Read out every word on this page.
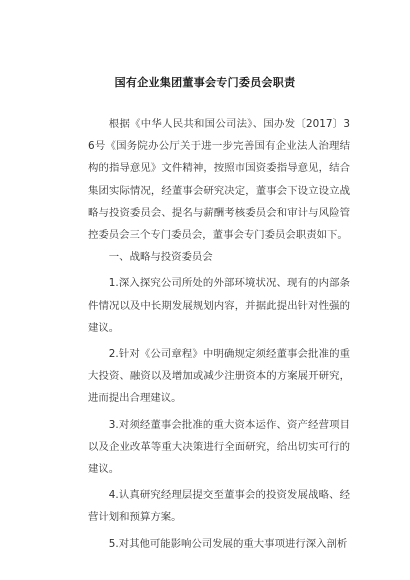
国有企业集团董事会专门委员会职责

根据《中华人民共和国公司法》、国办发〔2017〕36号《国务院办公厅关于进一步完善国有企业法人治理结构的指导意见》文件精神，按照市国资委指导意见，结合集团实际情况，经董事会研究决定，董事会下设立设立战略与投资委员会、提名与薪酬考核委员会和审计与风险管控委员会三个专门委员会，董事会专门委员会职责如下。

一、战略与投资委员会

1.深入探究公司所处的外部环境状况、现有的内部条件情况以及中长期发展规划内容，并据此提出针对性强的建议。

2.针对《公司章程》中明确规定须经董事会批准的重大投资、融资以及增加或减少注册资本的方案展开研究，进而提出合理建议。

3.对须经董事会批准的重大资本运作、资产经营项目以及企业改革等重大决策进行全面研究，给出切实可行的建议。

4.认真研究经理层提交至董事会的投资发展战略、经营计划和预算方案。

5.对其他可能影响公司发展的重大事项进行深入剖析
